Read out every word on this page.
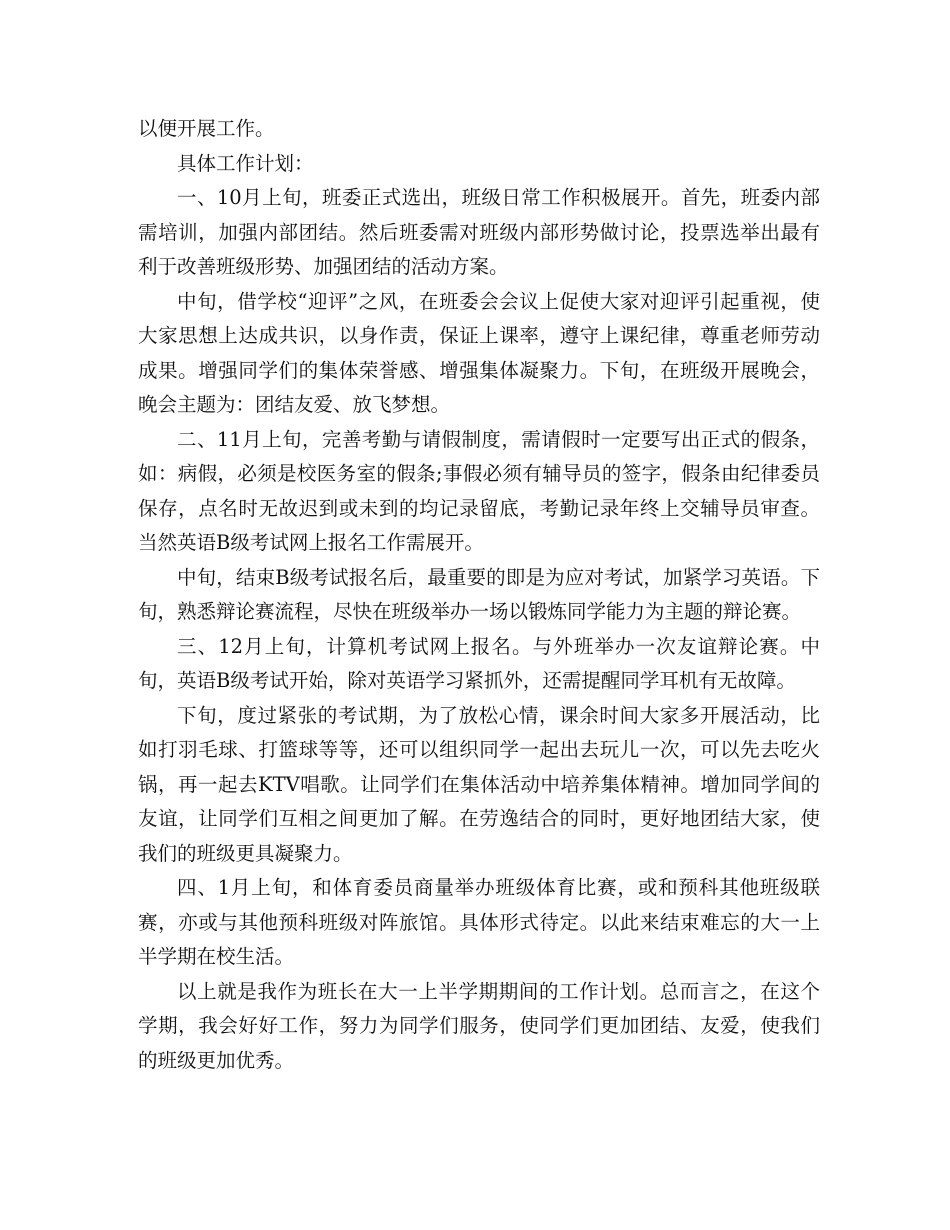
以便开展工作。

具体工作计划：

一、10月上旬，班委正式选出，班级日常工作积极展开。首先，班委内部需培训，加强内部团结。然后班委需对班级内部形势做讨论，投票选举出最有利于改善班级形势、加强团结的活动方案。

中旬，借学校“迎评”之风，在班委会会议上促使大家对迎评引起重视，使大家思想上达成共识，以身作责，保证上课率，遵守上课纪律，尊重老师劳动成果。增强同学们的集体荣誉感、增强集体凝聚力。下旬，在班级开展晚会，晚会主题为：团结友爱、放飞梦想。

二、11月上旬，完善考勤与请假制度，需请假时一定要写出正式的假条，如：病假，必须是校医务室的假条;事假必须有辅导员的签字，假条由纪律委员保存，点名时无故迟到或未到的均记录留底，考勤记录年终上交辅导员审查。当然英语B级考试网上报名工作需展开。

中旬，结束B级考试报名后，最重要的即是为应对考试，加紧学习英语。下旬，熟悉辩论赛流程，尽快在班级举办一场以锻炼同学能力为主题的辩论赛。

三、12月上旬，计算机考试网上报名。与外班举办一次友谊辩论赛。中旬，英语B级考试开始，除对英语学习紧抓外，还需提醒同学耳机有无故障。

下旬，度过紧张的考试期，为了放松心情，课余时间大家多开展活动，比如打羽毛球、打篮球等等，还可以组织同学一起出去玩儿一次，可以先去吃火锅，再一起去KTV唱歌。让同学们在集体活动中培养集体精神。增加同学间的友谊，让同学们互相之间更加了解。在劳逸结合的同时，更好地团结大家，使我们的班级更具凝聚力。

四、1月上旬，和体育委员商量举办班级体育比赛，或和预科其他班级联赛，亦或与其他预科班级对阵旅馆。具体形式待定。以此来结束难忘的大一上半学期在校生活。

以上就是我作为班长在大一上半学期期间的工作计划。总而言之，在这个学期，我会好好工作，努力为同学们服务，使同学们更加团结、友爱，使我们的班级更加优秀。
